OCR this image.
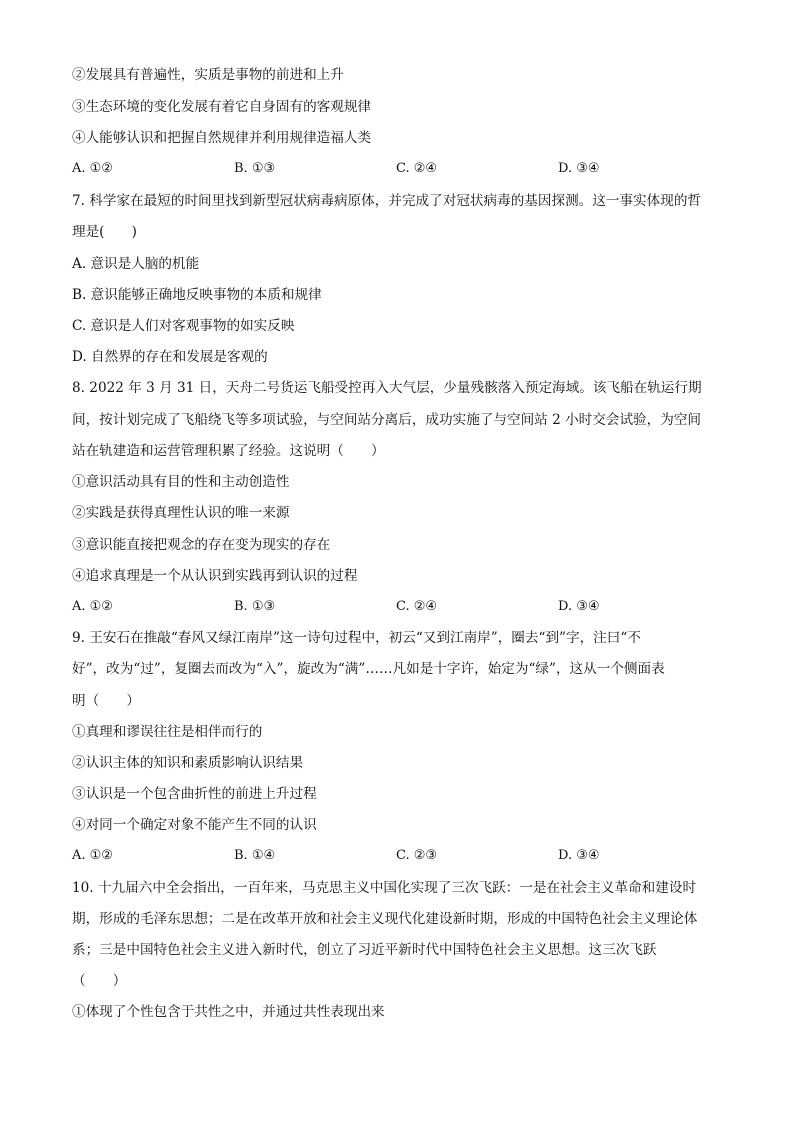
②发展具有普遍性，实质是事物的前进和上升
③生态环境的变化发展有着它自身固有的客观规律
④人能够认识和把握自然规律并利用规律造福人类
A. ①②	B. ①③	C. ②④	D. ③④
7. 科学家在最短的时间里找到新型冠状病毒病原体，并完成了对冠状病毒的基因探测。这一事实体现的哲
理是(　　)
A. 意识是人脑的机能
B. 意识能够正确地反映事物的本质和规律
C. 意识是人们对客观事物的如实反映
D. 自然界的存在和发展是客观的
8. 2022 年 3 月 31 日，天舟二号货运飞船受控再入大气层，少量残骸落入预定海域。该飞船在轨运行期
间，按计划完成了飞船绕飞等多项试验，与空间站分离后，成功实施了与空间站 2 小时交会试验，为空间
站在轨建造和运营管理积累了经验。这说明（　　）
①意识活动具有目的性和主动创造性
②实践是获得真理性认识的唯一来源
③意识能直接把观念的存在变为现实的存在
④追求真理是一个从认识到实践再到认识的过程
A. ①②	B. ①③	C. ②④	D. ③④
9. 王安石在推敲“春风又绿江南岸”这一诗句过程中，初云“又到江南岸”，圈去“到”字，注曰“不
好”，改为“过”，复圈去而改为“入”，旋改为“满”……凡如是十字许，始定为“绿”，这从一个侧面表
明（　　）
①真理和谬误往往是相伴而行的
②认识主体的知识和素质影响认识结果
③认识是一个包含曲折性的前进上升过程
④对同一个确定对象不能产生不同的认识
A. ①②	B. ①④	C. ②③	D. ③④
10. 十九届六中全会指出，一百年来，马克思主义中国化实现了三次飞跃：一是在社会主义革命和建设时
期，形成的毛泽东思想；二是在改革开放和社会主义现代化建设新时期，形成的中国特色社会主义理论体
系；三是中国特色社会主义进入新时代，创立了习近平新时代中国特色社会主义思想。这三次飞跃
（　　）
①体现了个性包含于共性之中，并通过共性表现出来
